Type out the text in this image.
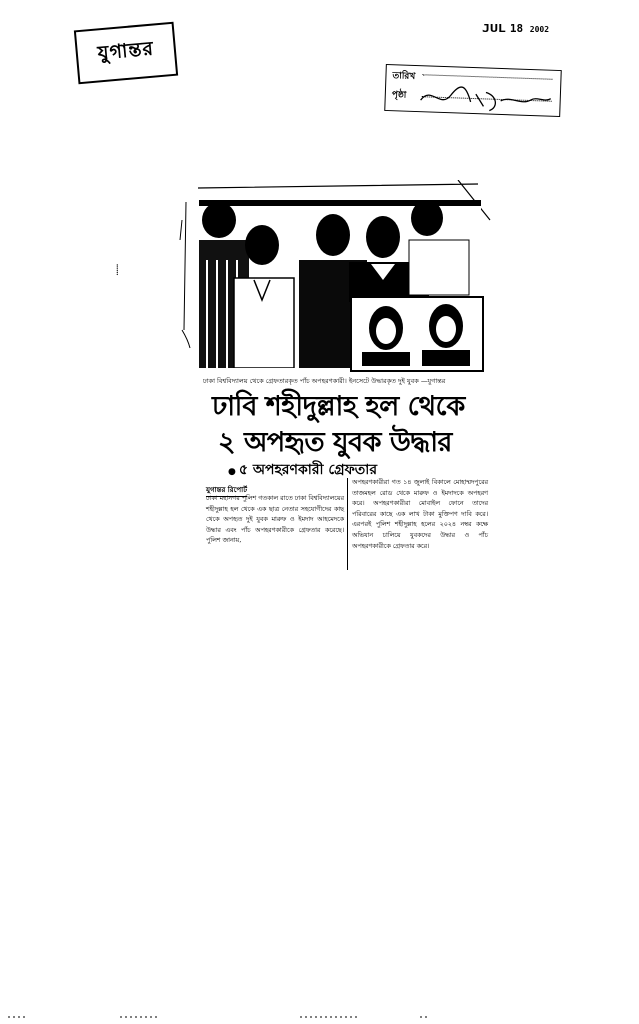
যুগান্তর
JUL 18 2002
তারিখ
পৃষ্ঠা
ঢাকা বিশ্ববিদ্যালয় থেকে গ্রেফতারকৃত পাঁচ অপহরণকারী। ইনসেটে উদ্ধারকৃত দুই যুবক —যুগান্তর
ঢাবি শহীদুল্লাহ হল থেকে
২ অপহৃত যুবক উদ্ধার
● ৫ অপহরণকারী গ্রেফতার
যুগান্তর রিপোর্ট
ঢাকা মহানগর পুলিশ গতকাল রাতে ঢাকা বিশ্ববিদ্যালয়ের শহীদুল্লাহ হল থেকে এক ছাত্র নেতার সহযোগীদের কাছ থেকে অপহৃত দুই যুবক মারুফ ও ইমদাদ আহমেদকে উদ্ধার এবং পাঁচ অপহরণকারীকে গ্রেফতার করেছে। পুলিশ জানায়,
অপহরণকারীরা গত ১৪ জুলাই বিকালে মোহাম্মদপুরের তাজমহল রোড থেকে মারুফ ও ইমদাদকে অপহরণ করে। অপহরণকারীরা মোবাইল ফোনে তাদের পরিবারের কাছে এক লাখ টাকা মুক্তিপণ দাবি করে। এরপরই পুলিশ শহীদুল্লাহ হলের ২০২৪ নম্বর কক্ষে অভিযান চালিয়ে যুবকদের উদ্ধার ও পাঁচ অপহরণকারীকে গ্রেফতার করে।
⸽
